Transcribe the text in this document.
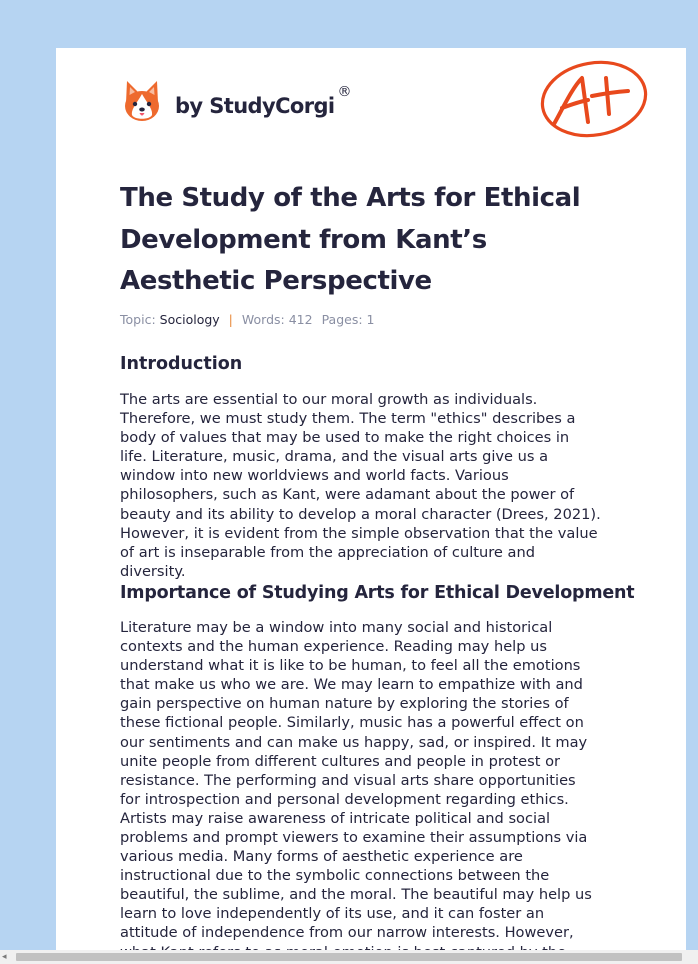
by StudyCorgi
®
The Study of the Arts for Ethical
Development from Kant’s
Aesthetic Perspective
Topic: Sociology | Words: 412 Pages: 1
Introduction

The arts are essential to our moral growth as individuals.
Therefore, we must study them. The term "ethics" describes a
body of values that may be used to make the right choices in
life. Literature, music, drama, and the visual arts give us a
window into new worldviews and world facts. Various
philosophers, such as Kant, were adamant about the power of
beauty and its ability to develop a moral character (Drees, 2021).
However, it is evident from the simple observation that the value
of art is inseparable from the appreciation of culture and
diversity.

Importance of Studying Arts for Ethical Development

Literature may be a window into many social and historical
contexts and the human experience. Reading may help us
understand what it is like to be human, to feel all the emotions
that make us who we are. We may learn to empathize with and
gain perspective on human nature by exploring the stories of
these fictional people. Similarly, music has a powerful effect on
our sentiments and can make us happy, sad, or inspired. It may
unite people from different cultures and people in protest or
resistance. The performing and visual arts share opportunities
for introspection and personal development regarding ethics.
Artists may raise awareness of intricate political and social
problems and prompt viewers to examine their assumptions via
various media. Many forms of aesthetic experience are
instructional due to the symbolic connections between the
beautiful, the sublime, and the moral. The beautiful may help us
learn to love independently of its use, and it can foster an
attitude of independence from our narrow interests. However,

◂
